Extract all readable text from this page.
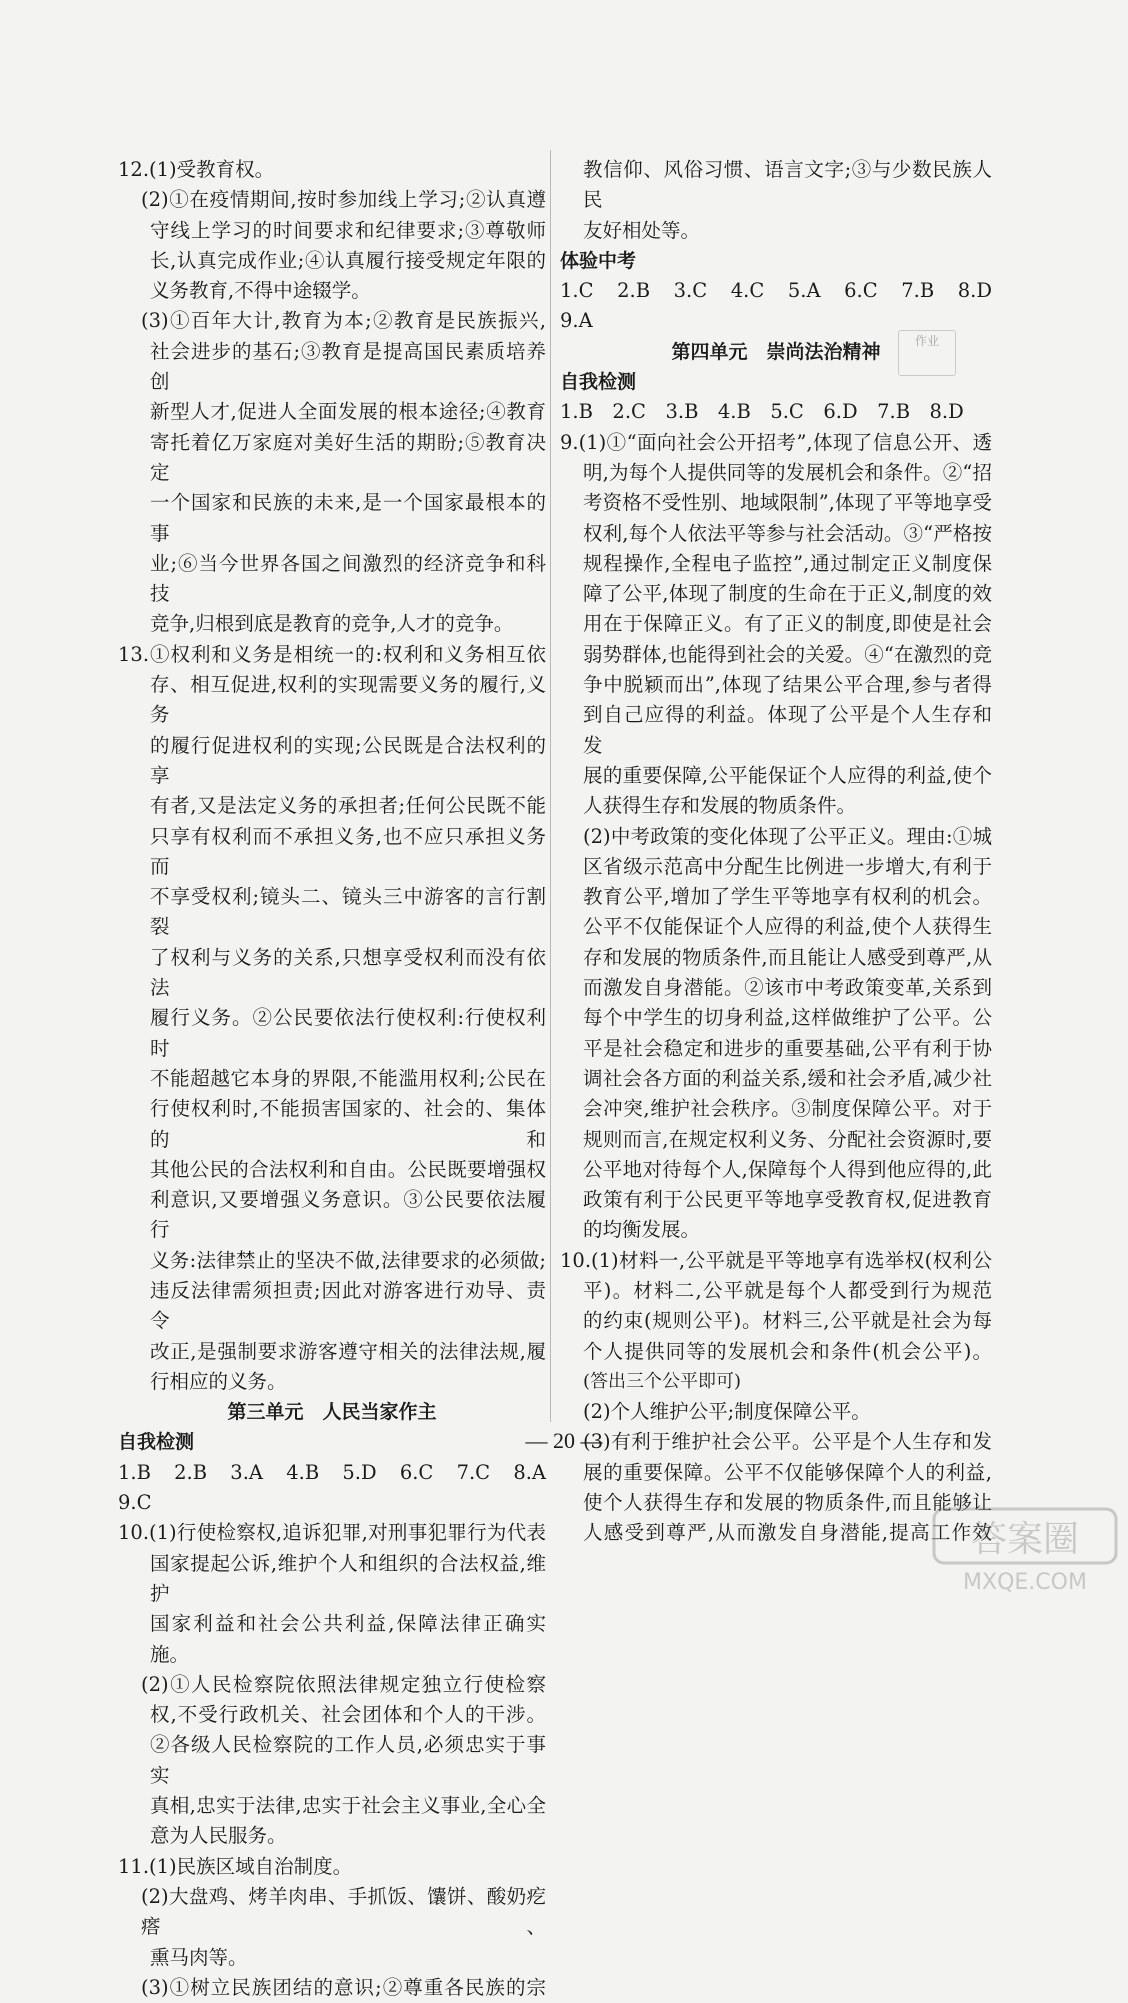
12.(1)受教育权。
(2)①在疫情期间,按时参加线上学习;②认真遵
守线上学习的时间要求和纪律要求;③尊敬师
长,认真完成作业;④认真履行接受规定年限的
义务教育,不得中途辍学。
(3)①百年大计,教育为本;②教育是民族振兴,
社会进步的基石;③教育是提高国民素质培养创
新型人才,促进人全面发展的根本途径;④教育
寄托着亿万家庭对美好生活的期盼;⑤教育决定
一个国家和民族的未来,是一个国家最根本的事
业;⑥当今世界各国之间激烈的经济竞争和科技
竞争,归根到底是教育的竞争,人才的竞争。
13.①权利和义务是相统一的:权利和义务相互依
存、相互促进,权利的实现需要义务的履行,义务
的履行促进权利的实现;公民既是合法权利的享
有者,又是法定义务的承担者;任何公民既不能
只享有权利而不承担义务,也不应只承担义务而
不享受权利;镜头二、镜头三中游客的言行割裂
了权利与义务的关系,只想享受权利而没有依法
履行义务。②公民要依法行使权利:行使权利时
不能超越它本身的界限,不能滥用权利;公民在
行使权利时,不能损害国家的、社会的、集体的和
其他公民的合法权利和自由。公民既要增强权
利意识,又要增强义务意识。③公民要依法履行
义务:法律禁止的坚决不做,法律要求的必须做;
违反法律需须担责;因此对游客进行劝导、责令
改正,是强制要求游客遵守相关的法律法规,履
行相应的义务。
第三单元　人民当家作主
自我检测
1.B　2.B　3.A　4.B　5.D　6.C　7.C　8.A　9.C
10.(1)行使检察权,追诉犯罪,对刑事犯罪行为代表
国家提起公诉,维护个人和组织的合法权益,维护
国家利益和社会公共利益,保障法律正确实施。
(2)①人民检察院依照法律规定独立行使检察
权,不受行政机关、社会团体和个人的干涉。
②各级人民检察院的工作人员,必须忠实于事实
真相,忠实于法律,忠实于社会主义事业,全心全
意为人民服务。
11.(1)民族区域自治制度。
(2)大盘鸡、烤羊肉串、手抓饭、馕饼、酸奶疙瘩、
熏马肉等。
(3)①树立民族团结的意识;②尊重各民族的宗
教信仰、风俗习惯、语言文字;③与少数民族人民
友好相处等。
体验中考
1.C　2.B　3.C　4.C　5.A　6.C　7.B　8.D　9.A
第四单元　崇尚法治精神
自我检测
1.B　2.C　3.B　4.B　5.C　6.D　7.B　8.D
9.(1)①“面向社会公开招考”,体现了信息公开、透
明,为每个人提供同等的发展机会和条件。②“招
考资格不受性别、地域限制”,体现了平等地享受
权利,每个人依法平等参与社会活动。③“严格按
规程操作,全程电子监控”,通过制定正义制度保
障了公平,体现了制度的生命在于正义,制度的效
用在于保障正义。有了正义的制度,即使是社会
弱势群体,也能得到社会的关爱。④“在激烈的竞
争中脱颖而出”,体现了结果公平合理,参与者得
到自己应得的利益。体现了公平是个人生存和发
展的重要保障,公平能保证个人应得的利益,使个
人获得生存和发展的物质条件。
(2)中考政策的变化体现了公平正义。理由:①城
区省级示范高中分配生比例进一步增大,有利于
教育公平,增加了学生平等地享有权利的机会。
公平不仅能保证个人应得的利益,使个人获得生
存和发展的物质条件,而且能让人感受到尊严,从
而激发自身潜能。②该市中考政策变革,关系到
每个中学生的切身利益,这样做维护了公平。公
平是社会稳定和进步的重要基础,公平有利于协
调社会各方面的利益关系,缓和社会矛盾,减少社
会冲突,维护社会秩序。③制度保障公平。对于
规则而言,在规定权利义务、分配社会资源时,要
公平地对待每个人,保障每个人得到他应得的,此
政策有利于公民更平等地享受教育权,促进教育
的均衡发展。
10.(1)材料一,公平就是平等地享有选举权(权利公
平)。材料二,公平就是每个人都受到行为规范
的约束(规则公平)。材料三,公平就是社会为每
个人提供同等的发展机会和条件(机会公平)。
(答出三个公平即可)
(2)个人维护公平;制度保障公平。
(3)有利于维护社会公平。公平是个人生存和发
展的重要保障。公平不仅能够保障个人的利益,
使个人获得生存和发展的物质条件,而且能够让
人感受到尊严,从而激发自身潜能,提高工作效
作业
— 20 —
答案圈
MXQE.COM
